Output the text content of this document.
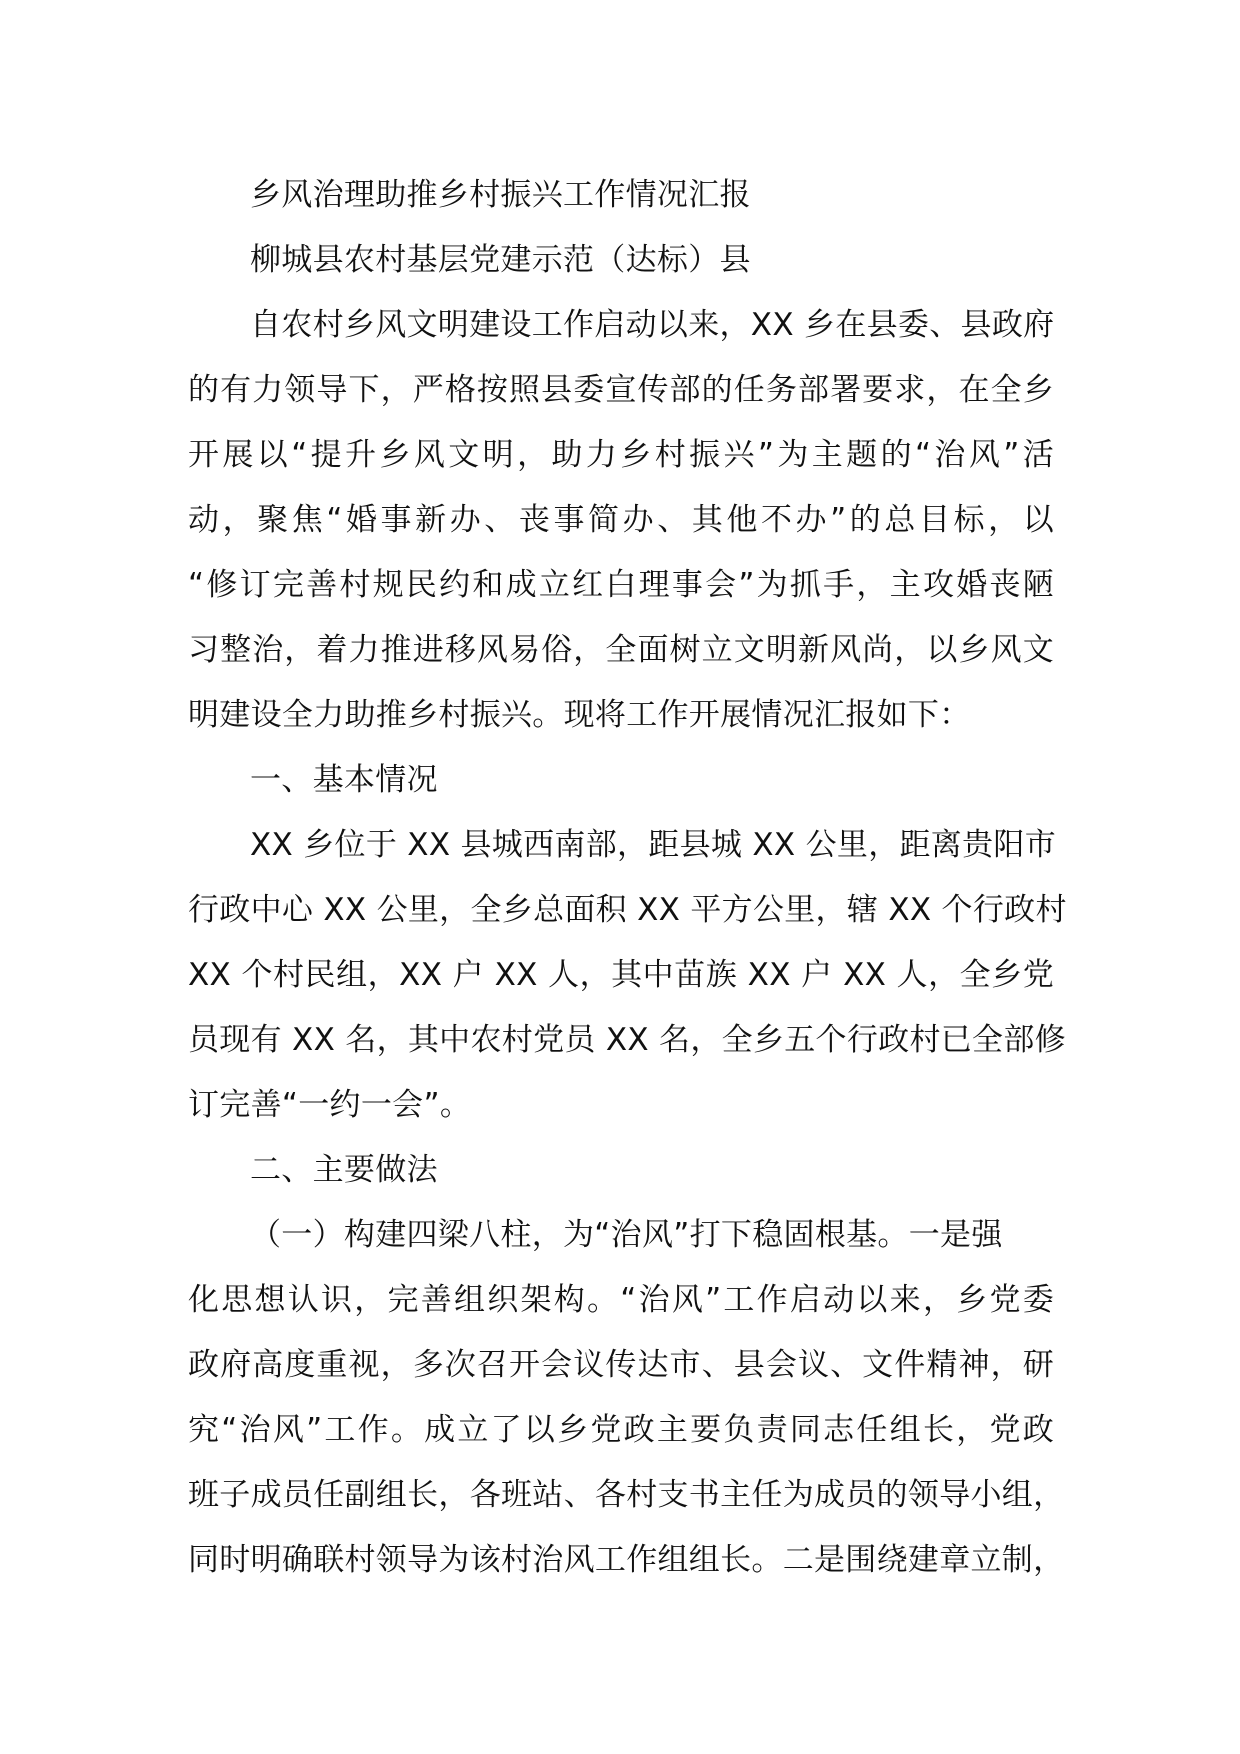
乡风治理助推乡村振兴工作情况汇报
柳城县农村基层党建示范（达标）县
自农村乡风文明建设工作启动以来，XX 乡在县委、县政府
的有力领导下，严格按照县委宣传部的任务部署要求，在全乡
开展以“提升乡风文明，助力乡村振兴”为主题的“治风”活
动，聚焦“婚事新办、丧事简办、其他不办”的总目标，以
“修订完善村规民约和成立红白理事会”为抓手，主攻婚丧陋
习整治，着力推进移风易俗，全面树立文明新风尚，以乡风文
明建设全力助推乡村振兴。现将工作开展情况汇报如下：
一、基本情况
XX 乡位于 XX 县城西南部，距县城 XX 公里，距离贵阳市
行政中心 XX 公里，全乡总面积 XX 平方公里，辖 XX 个行政村
XX 个村民组，XX 户 XX 人，其中苗族 XX 户 XX 人，全乡党
员现有 XX 名，其中农村党员 XX 名，全乡五个行政村已全部修
订完善“一约一会”。
二、主要做法
（一）构建四梁八柱，为“治风”打下稳固根基。一是强
化思想认识，完善组织架构。“治风”工作启动以来，乡党委
政府高度重视，多次召开会议传达市、县会议、文件精神，研
究“治风”工作。成立了以乡党政主要负责同志任组长，党政
班子成员任副组长，各班站、各村支书主任为成员的领导小组，
同时明确联村领导为该村治风工作组组长。二是围绕建章立制，
